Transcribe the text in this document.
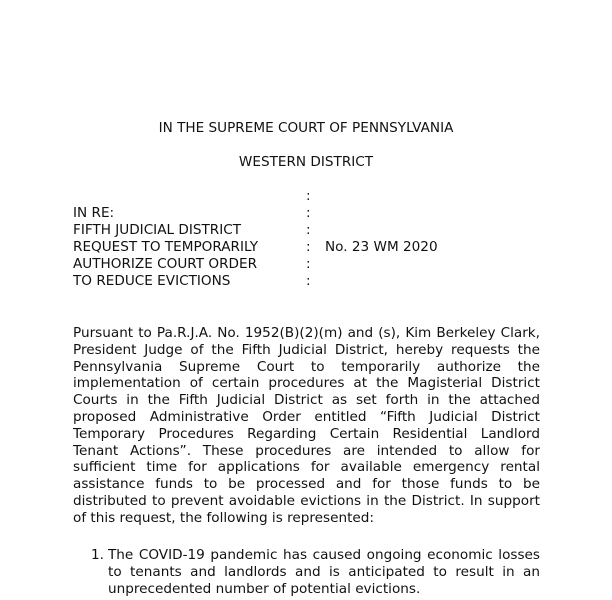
IN THE SUPREME COURT OF PENNSYLVANIA
WESTERN DISTRICT
IN RE:
FIFTH JUDICIAL DISTRICT
REQUEST TO TEMPORARILY
AUTHORIZE COURT ORDER
TO REDUCE EVICTIONS
:
:
:
:
:
:
No. 23 WM 2020
Pursuant to Pa.R.J.A. No. 1952(B)(2)(m) and (s), Kim Berkeley Clark, President Judge of the Fifth Judicial District, hereby requests the Pennsylvania Supreme Court to temporarily authorize the implementation of certain procedures at the Magisterial District Courts in the Fifth Judicial District as set forth in the attached proposed Administrative Order entitled “Fifth Judicial District Temporary Procedures Regarding Certain Residential Landlord Tenant Actions”. These procedures are intended to allow for sufficient time for applications for available emergency rental assistance funds to be processed and for those funds to be distributed to prevent avoidable evictions in the District. In support of this request, the following is represented:
1. The COVID-19 pandemic has caused ongoing economic losses to tenants and landlords and is anticipated to result in an unprecedented number of potential evictions.
